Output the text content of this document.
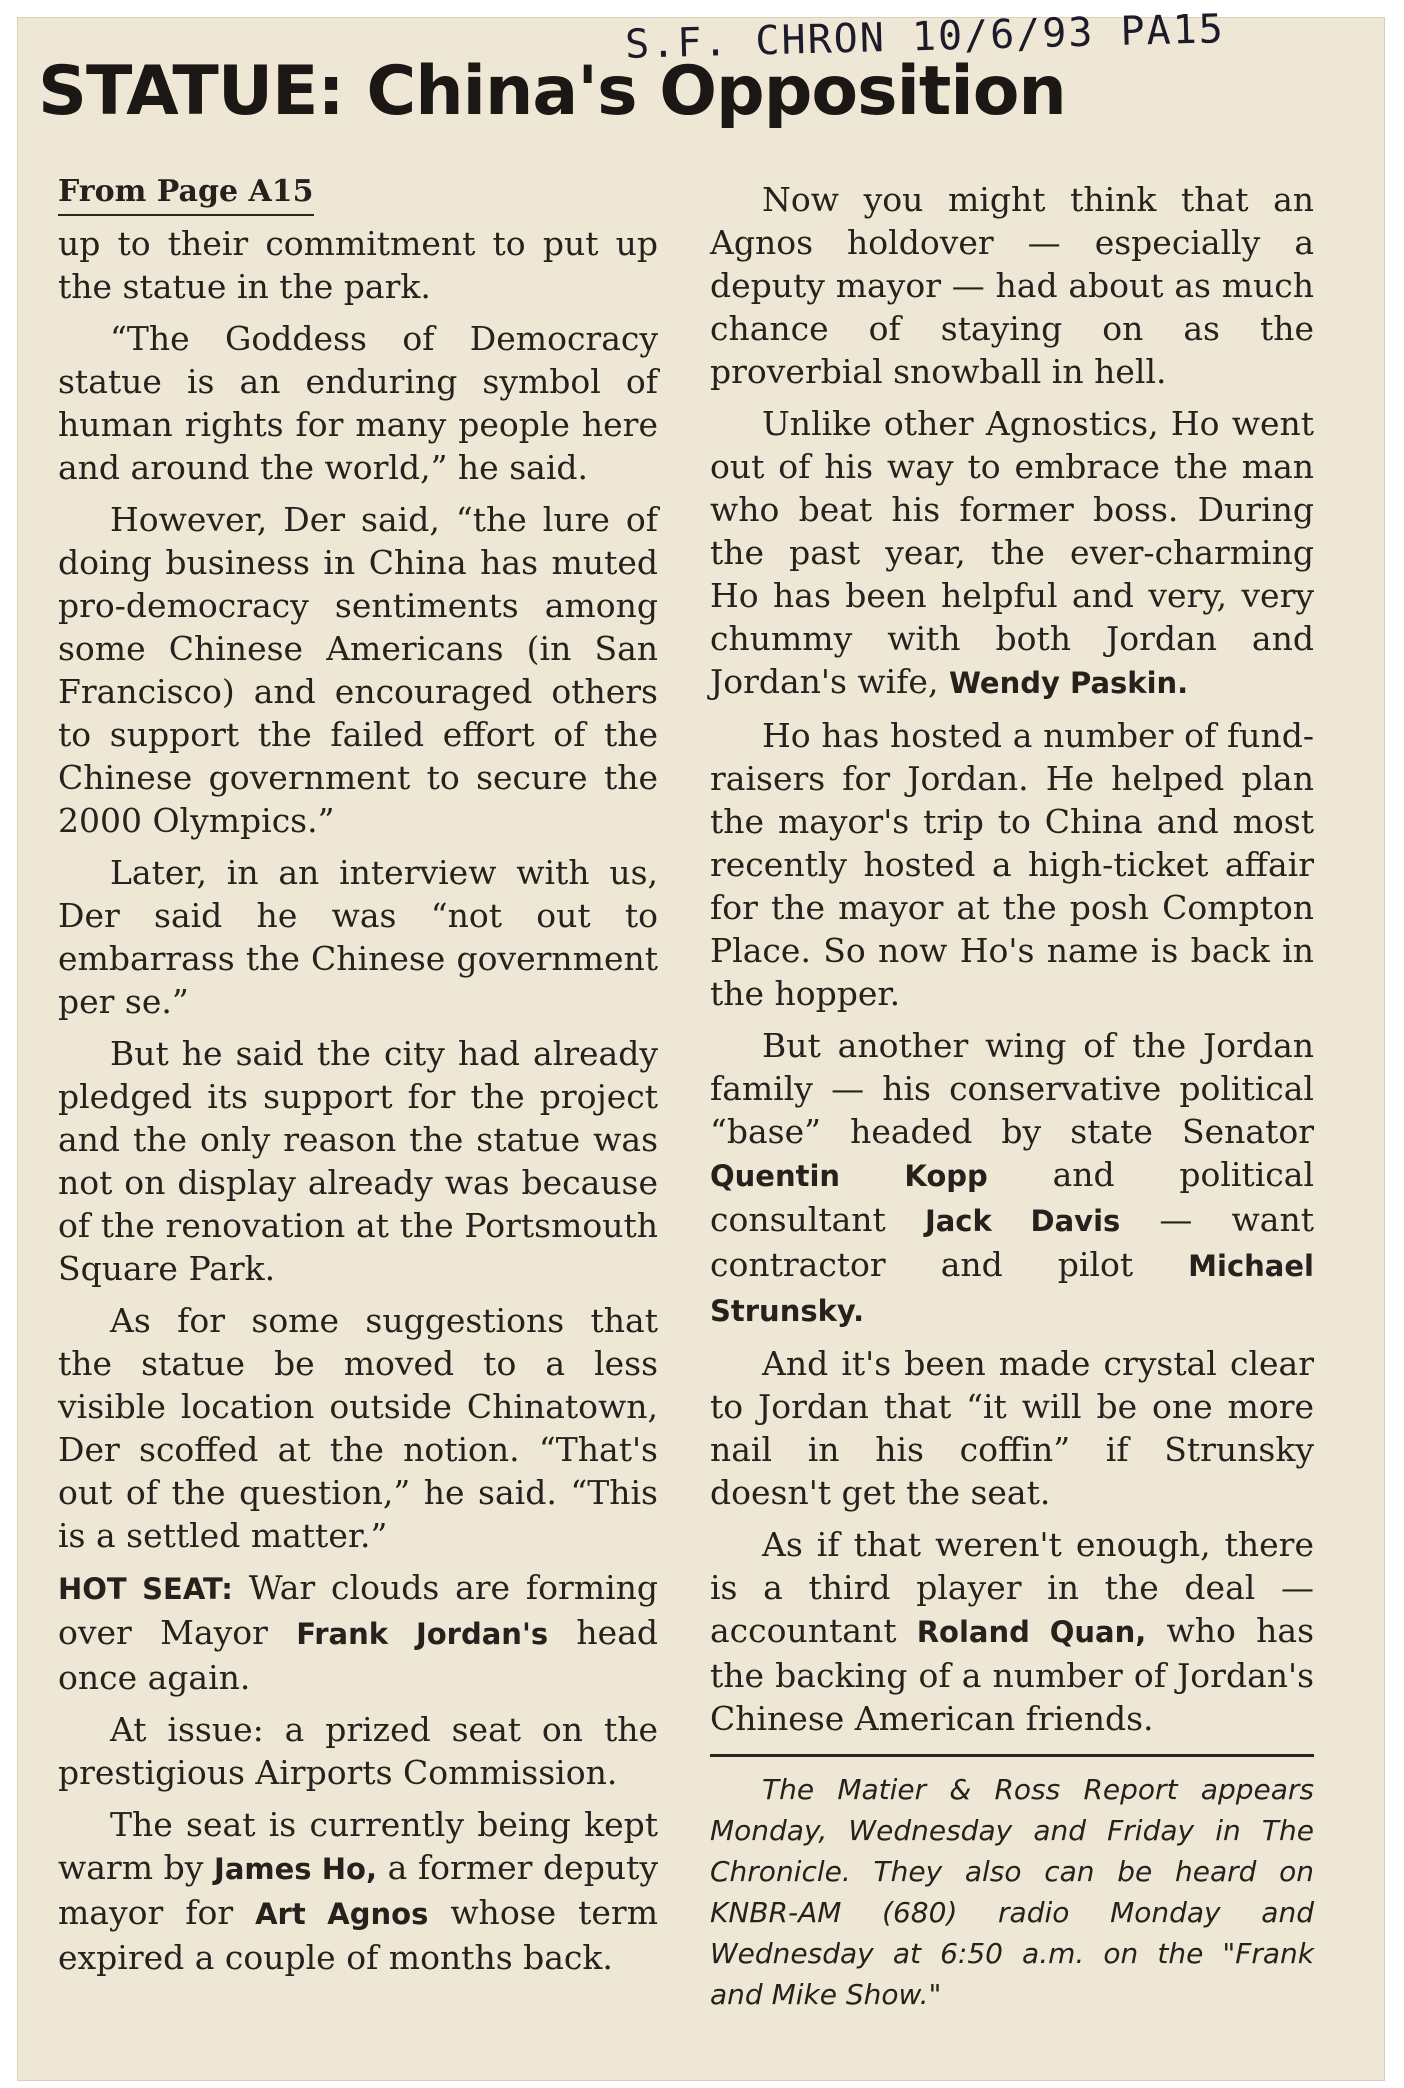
S.F. CHRON 10/6/93 PA15
STATUE: China's Opposition
From Page A15

up to their commitment to put up the statue in the park.

“The Goddess of Democracy statue is an enduring symbol of human rights for many people here and around the world,” he said.

However, Der said, “the lure of doing business in China has muted pro-democracy sentiments among some Chinese Americans (in San Francisco) and encouraged others to support the failed effort of the Chinese government to secure the 2000 Olympics.”

Later, in an interview with us, Der said he was “not out to embarrass the Chinese government per se.”

But he said the city had already pledged its support for the project and the only reason the statue was not on display already was because of the renovation at the Portsmouth Square Park.

As for some suggestions that the statue be moved to a less visible location outside Chinatown, Der scoffed at the notion. “That's out of the question,” he said. “This is a settled matter.”

HOT SEAT: War clouds are forming over Mayor Frank Jordan's head once again.

At issue: a prized seat on the prestigious Airports Commission.

The seat is currently being kept warm by James Ho, a former deputy mayor for Art Agnos whose term expired a couple of months back.

Now you might think that an Agnos holdover — especially a deputy mayor — had about as much chance of staying on as the proverbial snowball in hell.

Unlike other Agnostics, Ho went out of his way to embrace the man who beat his former boss. During the past year, the ever-charming Ho has been helpful and very, very chummy with both Jordan and Jordan's wife, Wendy Paskin.

Ho has hosted a number of fund-raisers for Jordan. He helped plan the mayor's trip to China and most recently hosted a high-ticket affair for the mayor at the posh Compton Place. So now Ho's name is back in the hopper.

But another wing of the Jordan family — his conservative political “base” headed by state Senator Quentin Kopp and political consultant Jack Davis — want contractor and pilot Michael Strunsky.

And it's been made crystal clear to Jordan that “it will be one more nail in his coffin” if Strunsky doesn't get the seat.

As if that weren't enough, there is a third player in the deal — accountant Roland Quan, who has the backing of a number of Jordan's Chinese American friends.

The Matier & Ross Report appears Monday, Wednesday and Friday in The Chronicle. They also can be heard on KNBR-AM (680) radio Monday and Wednesday at 6:50 a.m. on the "Frank and Mike Show."
